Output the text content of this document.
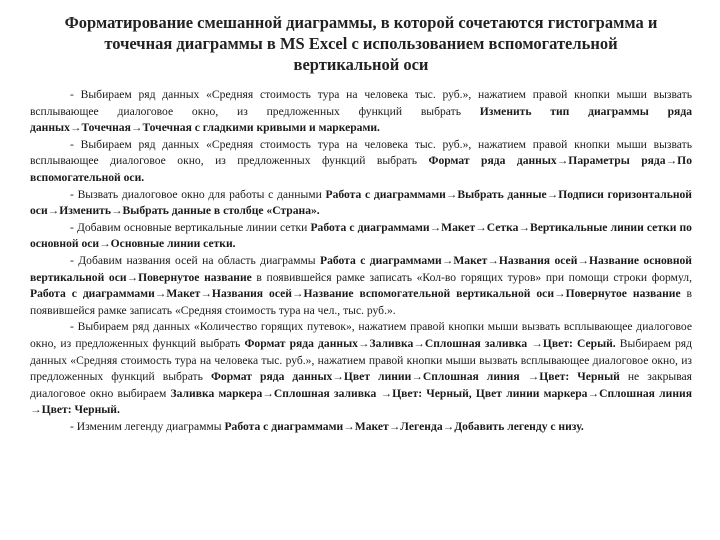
Форматирование смешанной диаграммы, в которой сочетаются гистограмма и точечная диаграммы в MS Excel с использованием вспомогательной вертикальной оси

- Выбираем ряд данных «Средняя стоимость тура на человека тыс. руб.», нажатием правой кнопки мыши вызвать всплывающее диалоговое окно, из предложенных функций выбрать Изменить тип диаграммы ряда данных→Точечная→Точечная с гладкими кривыми и маркерами.

- Выбираем ряд данных «Средняя стоимость тура на человека тыс. руб.», нажатием правой кнопки мыши вызвать всплывающее диалоговое окно, из предложенных функций выбрать Формат ряда данных→Параметры ряда→По вспомогательной оси.

- Вызвать диалоговое окно для работы с данными Работа с диаграммами→Выбрать данные→Подписи горизонтальной оси→Изменить→Выбрать данные в столбце «Страна».

- Добавим основные вертикальные линии сетки Работа с диаграммами→Макет→Сетка→Вертикальные линии сетки по основной оси→Основные линии сетки.

- Добавим названия осей на область диаграммы Работа с диаграммами→Макет→Названия осей→Название основной вертикальной оси→Повернутое название в появившейся рамке записать «Кол-во горящих туров» при помощи строки формул, Работа с диаграммами→Макет→Названия осей→Название вспомогательной вертикальной оси→Повернутое название в появившейся рамке записать «Средняя стоимость тура на чел., тыс. руб.».

- Выбираем ряд данных «Количество горящих путевок», нажатием правой кнопки мыши вызвать всплывающее диалоговое окно, из предложенных функций выбрать Формат ряда данных→Заливка→Сплошная заливка →Цвет: Серый. Выбираем ряд данных «Средняя стоимость тура на человека тыс. руб.», нажатием правой кнопки мыши вызвать всплывающее диалоговое окно, из предложенных функций выбрать Формат ряда данных→Цвет линии→Сплошная линия →Цвет: Черный не закрывая диалоговое окно выбираем Заливка маркера→Сплошная заливка →Цвет: Черный, Цвет линии маркера→Сплошная линия →Цвет: Черный.

- Изменим легенду диаграммы Работа с диаграммами→Макет→Легенда→Добавить легенду с низу.
